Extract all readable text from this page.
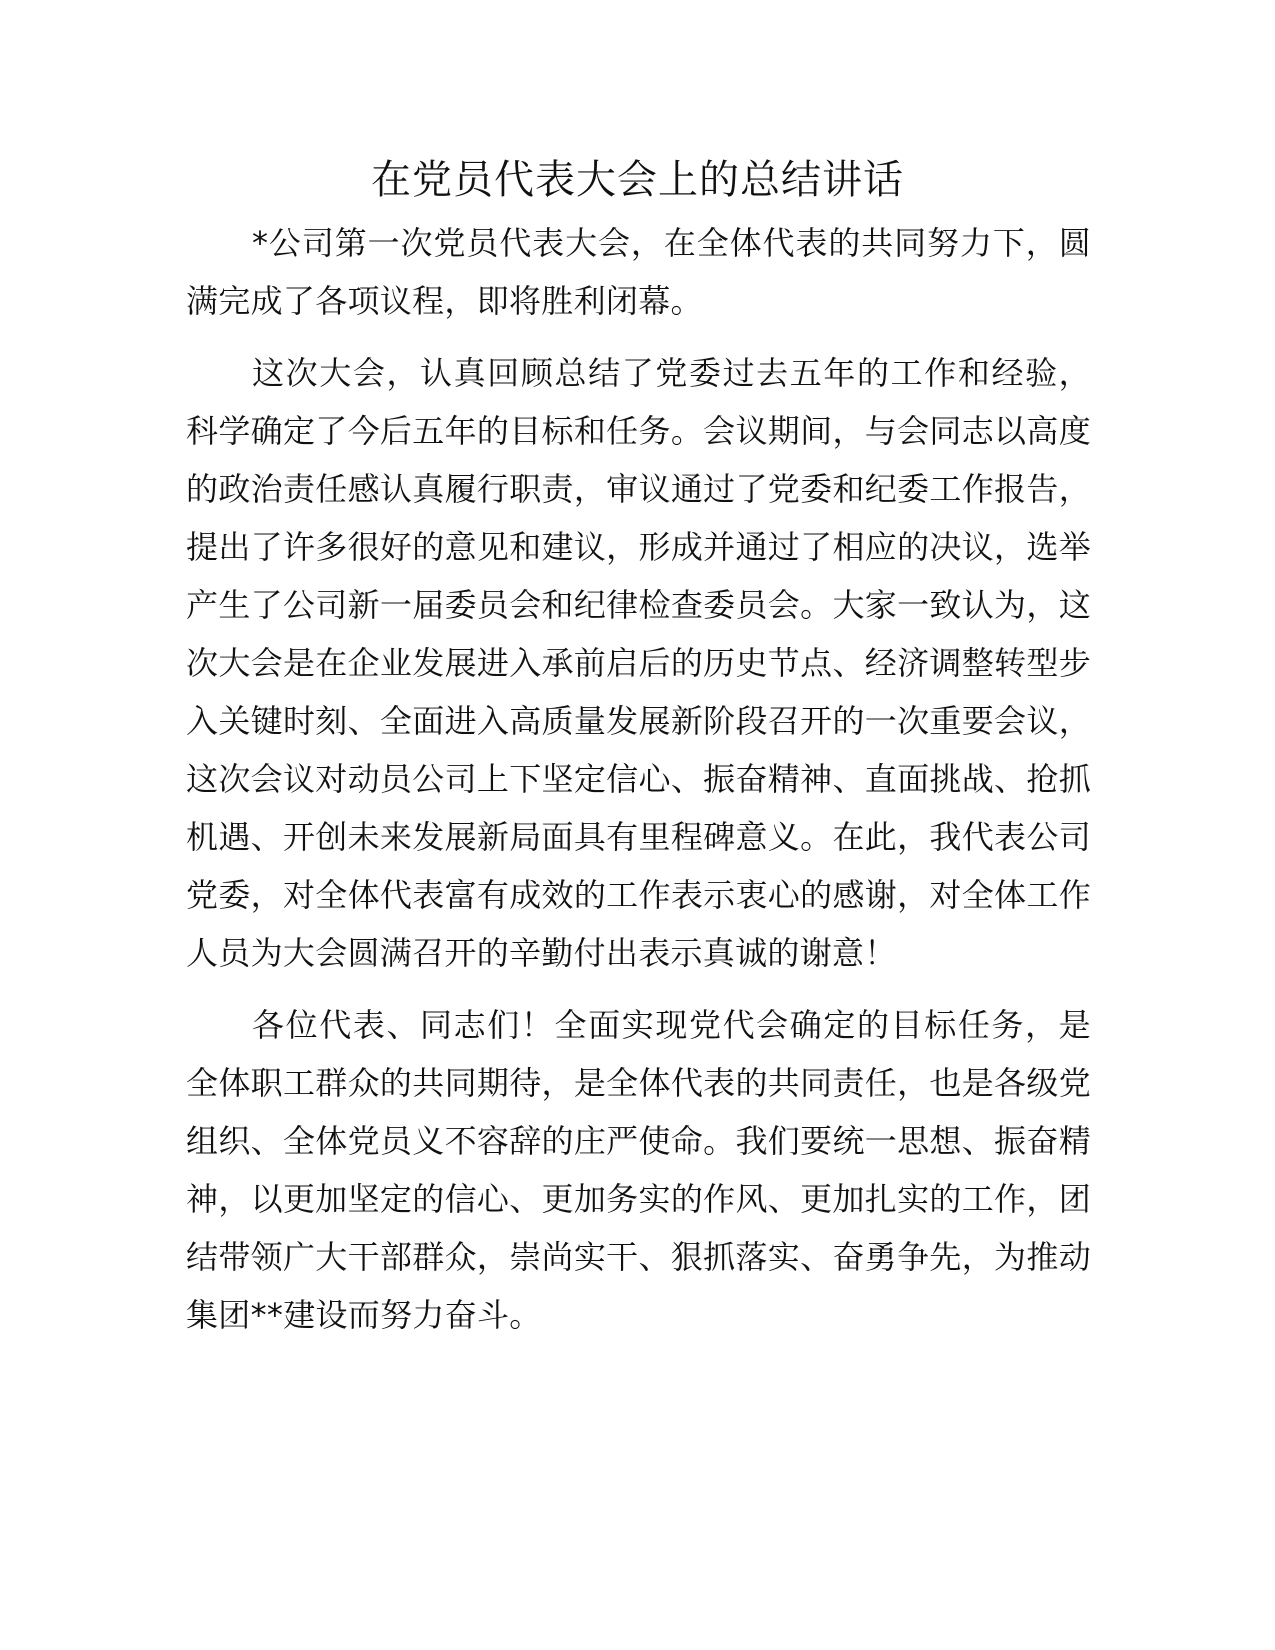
在党员代表大会上的总结讲话

*公司第一次党员代表大会，在全体代表的共同努力下，圆满完成了各项议程，即将胜利闭幕。

这次大会，认真回顾总结了党委过去五年的工作和经验，科学确定了今后五年的目标和任务。会议期间，与会同志以高度的政治责任感认真履行职责，审议通过了党委和纪委工作报告，提出了许多很好的意见和建议，形成并通过了相应的决议，选举产生了公司新一届委员会和纪律检查委员会。大家一致认为，这次大会是在企业发展进入承前启后的历史节点、经济调整转型步入关键时刻、全面进入高质量发展新阶段召开的一次重要会议，这次会议对动员公司上下坚定信心、振奋精神、直面挑战、抢抓机遇、开创未来发展新局面具有里程碑意义。在此，我代表公司党委，对全体代表富有成效的工作表示衷心的感谢，对全体工作人员为大会圆满召开的辛勤付出表示真诚的谢意！

各位代表、同志们！全面实现党代会确定的目标任务，是全体职工群众的共同期待，是全体代表的共同责任，也是各级党组织、全体党员义不容辞的庄严使命。我们要统一思想、振奋精神，以更加坚定的信心、更加务实的作风、更加扎实的工作，团结带领广大干部群众，崇尚实干、狠抓落实、奋勇争先，为推动集团**建设而努力奋斗。
